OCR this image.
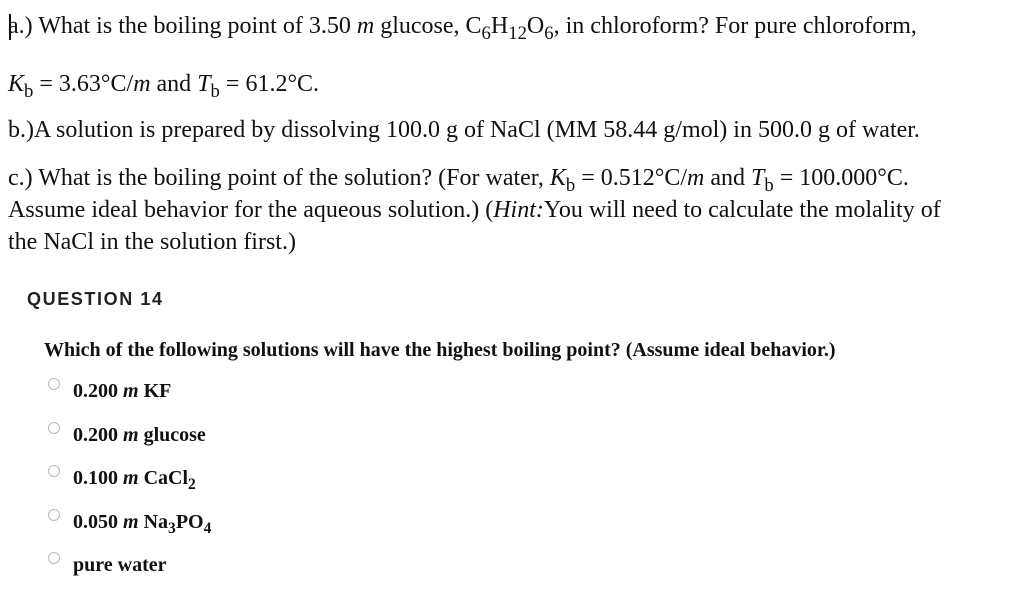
a.) What is the boiling point of 3.50 m glucose, $C_6H_{12}O_6$, in chloroform? For pure chloroform,

$K_b = 3.63^\circ C/m$ and $T_b = 61.2^\circ C$.

b.)A solution is prepared by dissolving 100.0 g of NaCl (MM 58.44 g/mol) in 500.0 g of water.

c.) What is the boiling point of the solution? (For water, $K_b = 0.512^\circ C/m$ and $T_b = 100.000^\circ C$.
Assume ideal behavior for the aqueous solution.) (Hint:You will need to calculate the molality of
the NaCl in the solution first.)

QUESTION 14
Which of the following solutions will have the highest boiling point? (Assume ideal behavior.)
0.200 m KF
0.200 m glucose
0.100 m CaCl$_2$
0.050 m $Na_3PO_4$
pure water
